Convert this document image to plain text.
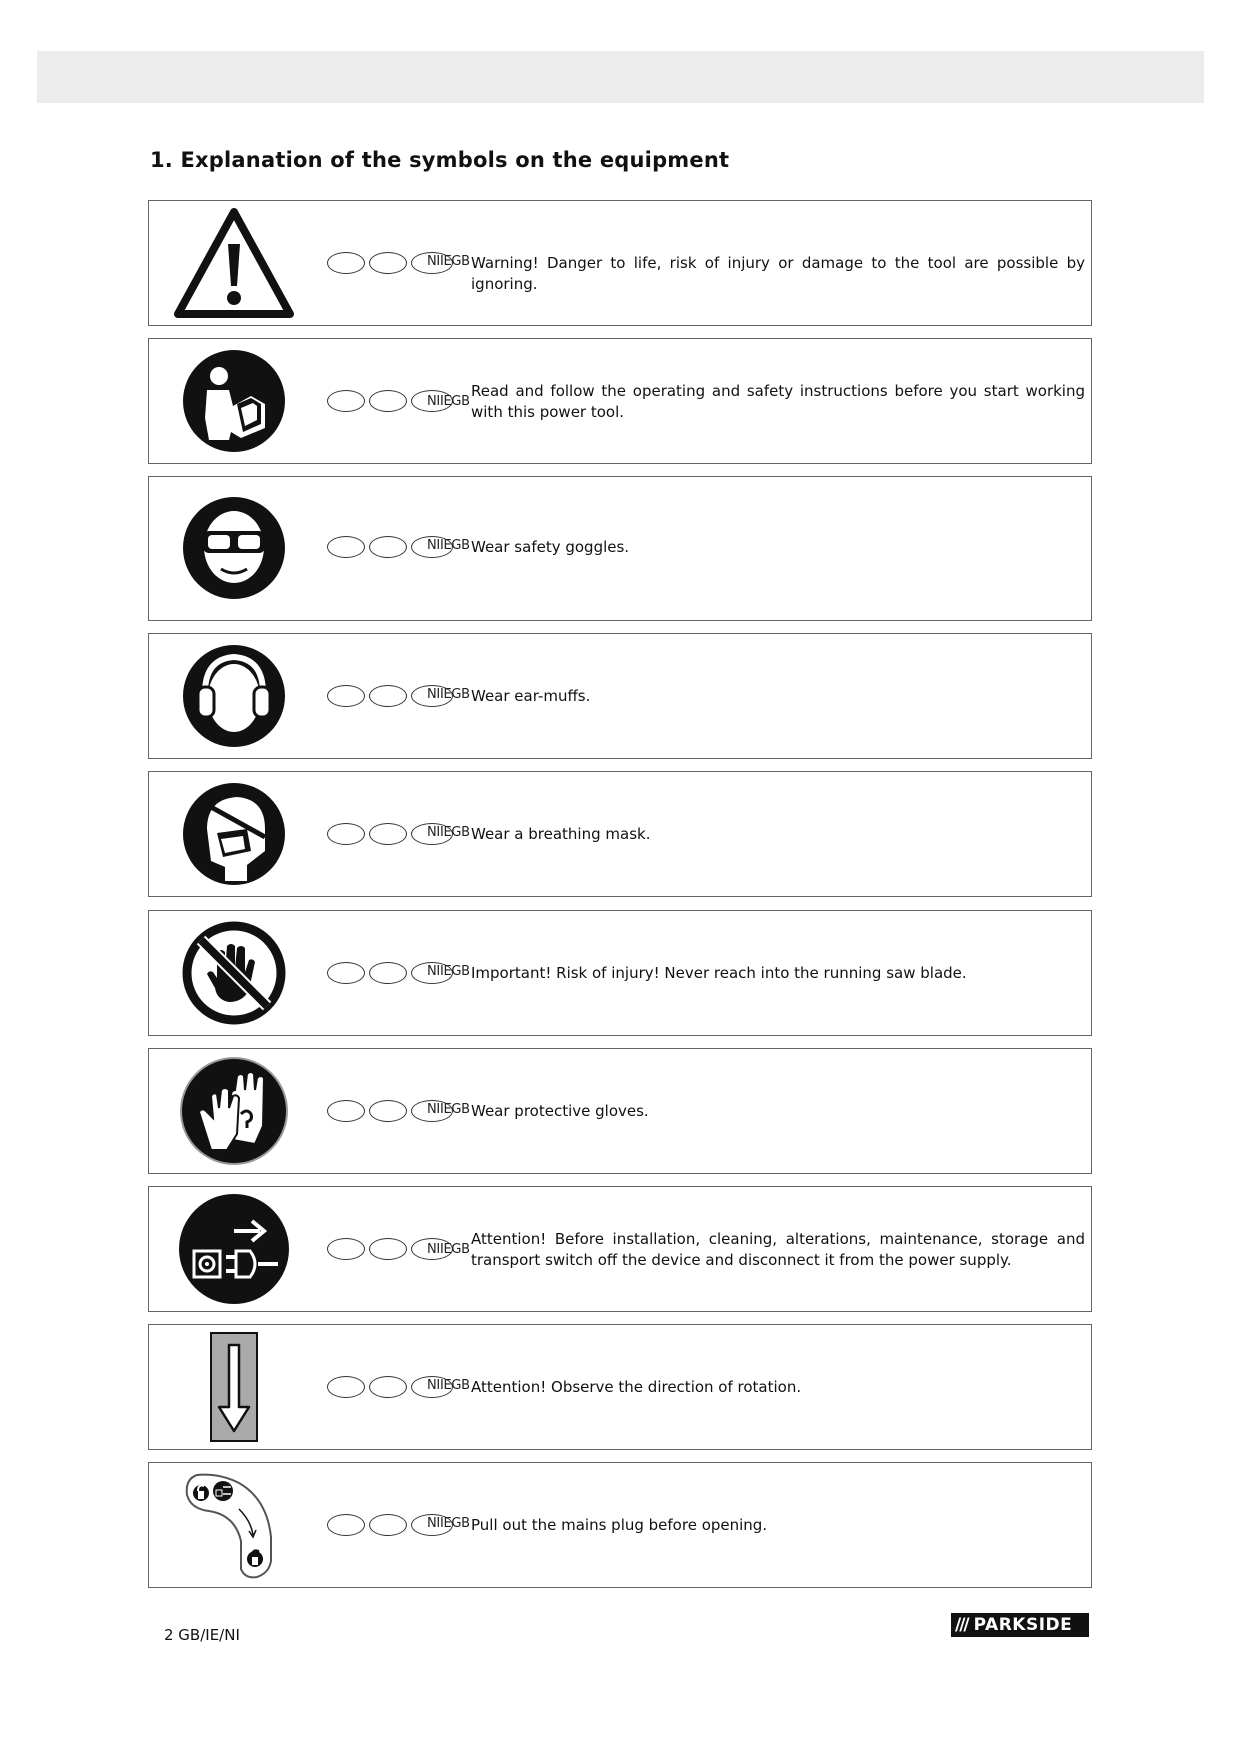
1. Explanation of the symbols on the equipment
NIIEGB Warning! Danger to life, risk of injury or damage to the tool are possible by ignoring.
NIIEGB
Read and follow the operating and safety instructions before you start working with this power tool.
NIIEGB Wear safety goggles.
NIIEGB Wear ear-muffs.
NIIEGB Wear a breathing mask.
NIIEGB Important! Risk of injury! Never reach into the running saw blade.
NIIEGB Wear protective gloves.
NIIEGB
Attention! Before installation, cleaning, alterations, maintenance, storage and transport switch off the device and disconnect it from the power supply.
NIIEGB Attention! Observe the direction of rotation.
NIIEGB Pull out the mains plug before opening.
2 GB/IE/NI	/// PARKSIDE
